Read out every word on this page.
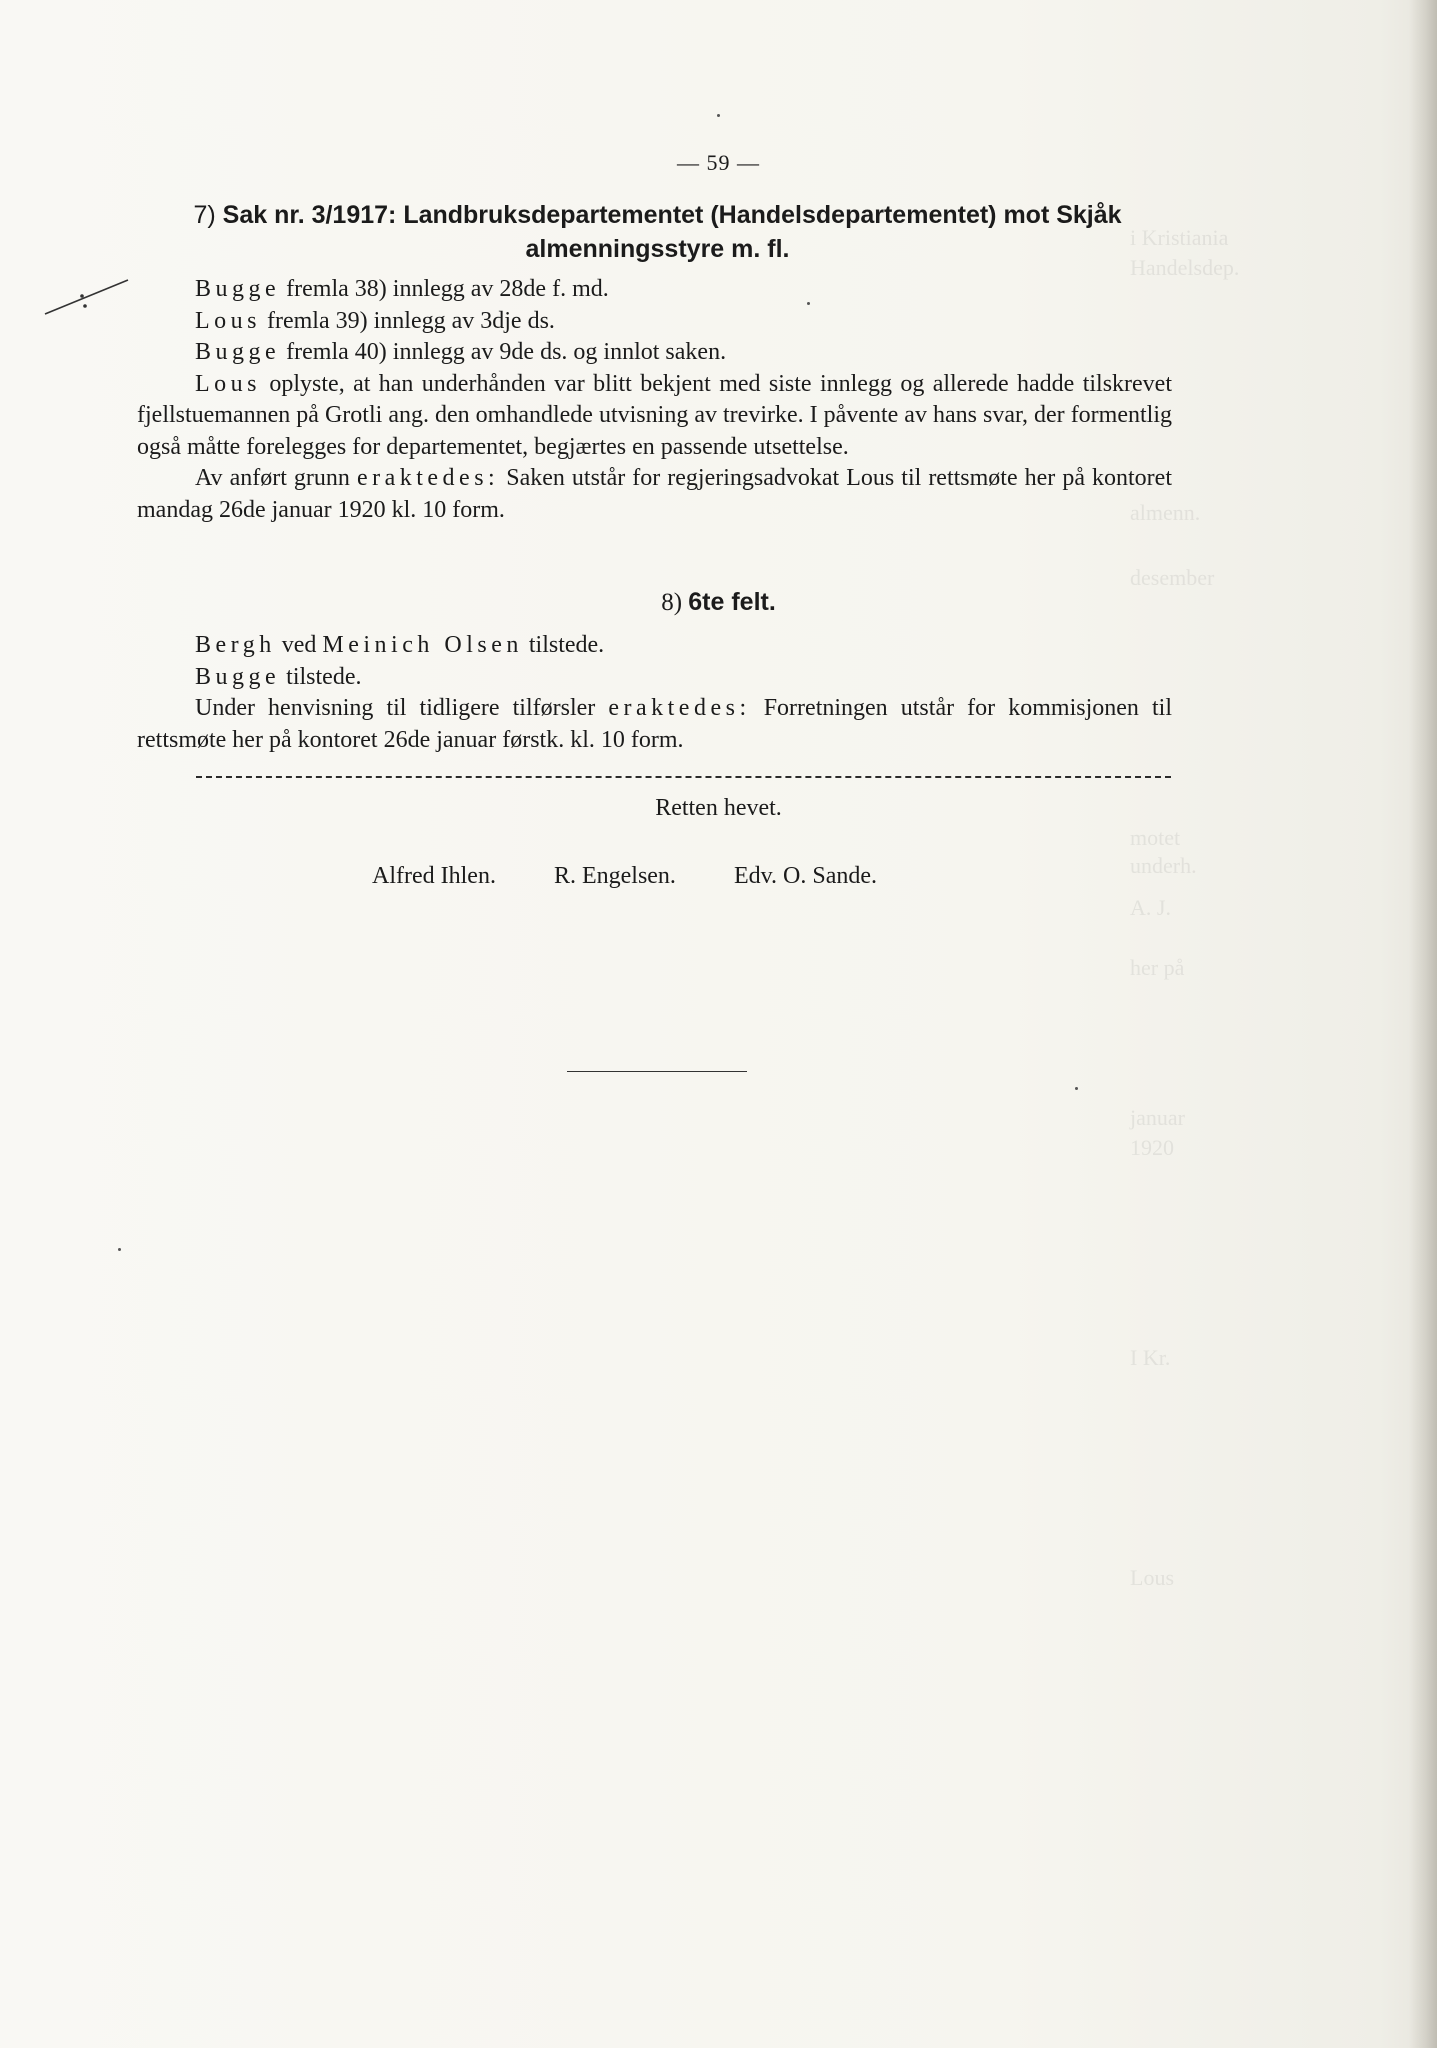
i Kristiania
Handelsdep.
almenn.
desember
motet
underh.
A. J.
her på
januar
1920
I Kr.
Lous
— 59 —
7) Sak nr. 3/1917: Landbruksdepartementet (Handelsdepartementet) mot Skjåk
almenningsstyre m. fl.

Bugge fremla 38) innlegg av 28de f. md.

Lous fremla 39) innlegg av 3dje ds.

Bugge fremla 40) innlegg av 9de ds. og innlot saken.

Lous oplyste, at han underhånden var blitt bekjent med siste innlegg og allerede hadde tilskrevet fjellstuemannen på Grotli ang. den omhandlede utvisning av trevirke. I påvente av hans svar, der formentlig også måtte forelegges for departementet, begjærtes en passende utsettelse.

Av anført grunn eraktedes: Saken utstår for regjeringsadvokat Lous til rettsmøte her på kontoret mandag 26de januar 1920 kl. 10 form.

8) 6te felt.

Bergh ved Meinich Olsen tilstede.

Bugge tilstede.

Under henvisning til tidligere tilførsler eraktedes: Forretningen utstår for kommisjonen til rettsmøte her på kontoret 26de januar førstk. kl. 10 form.

Retten hevet.
Alfred Ihlen. R. Engelsen. Edv. O. Sande.
